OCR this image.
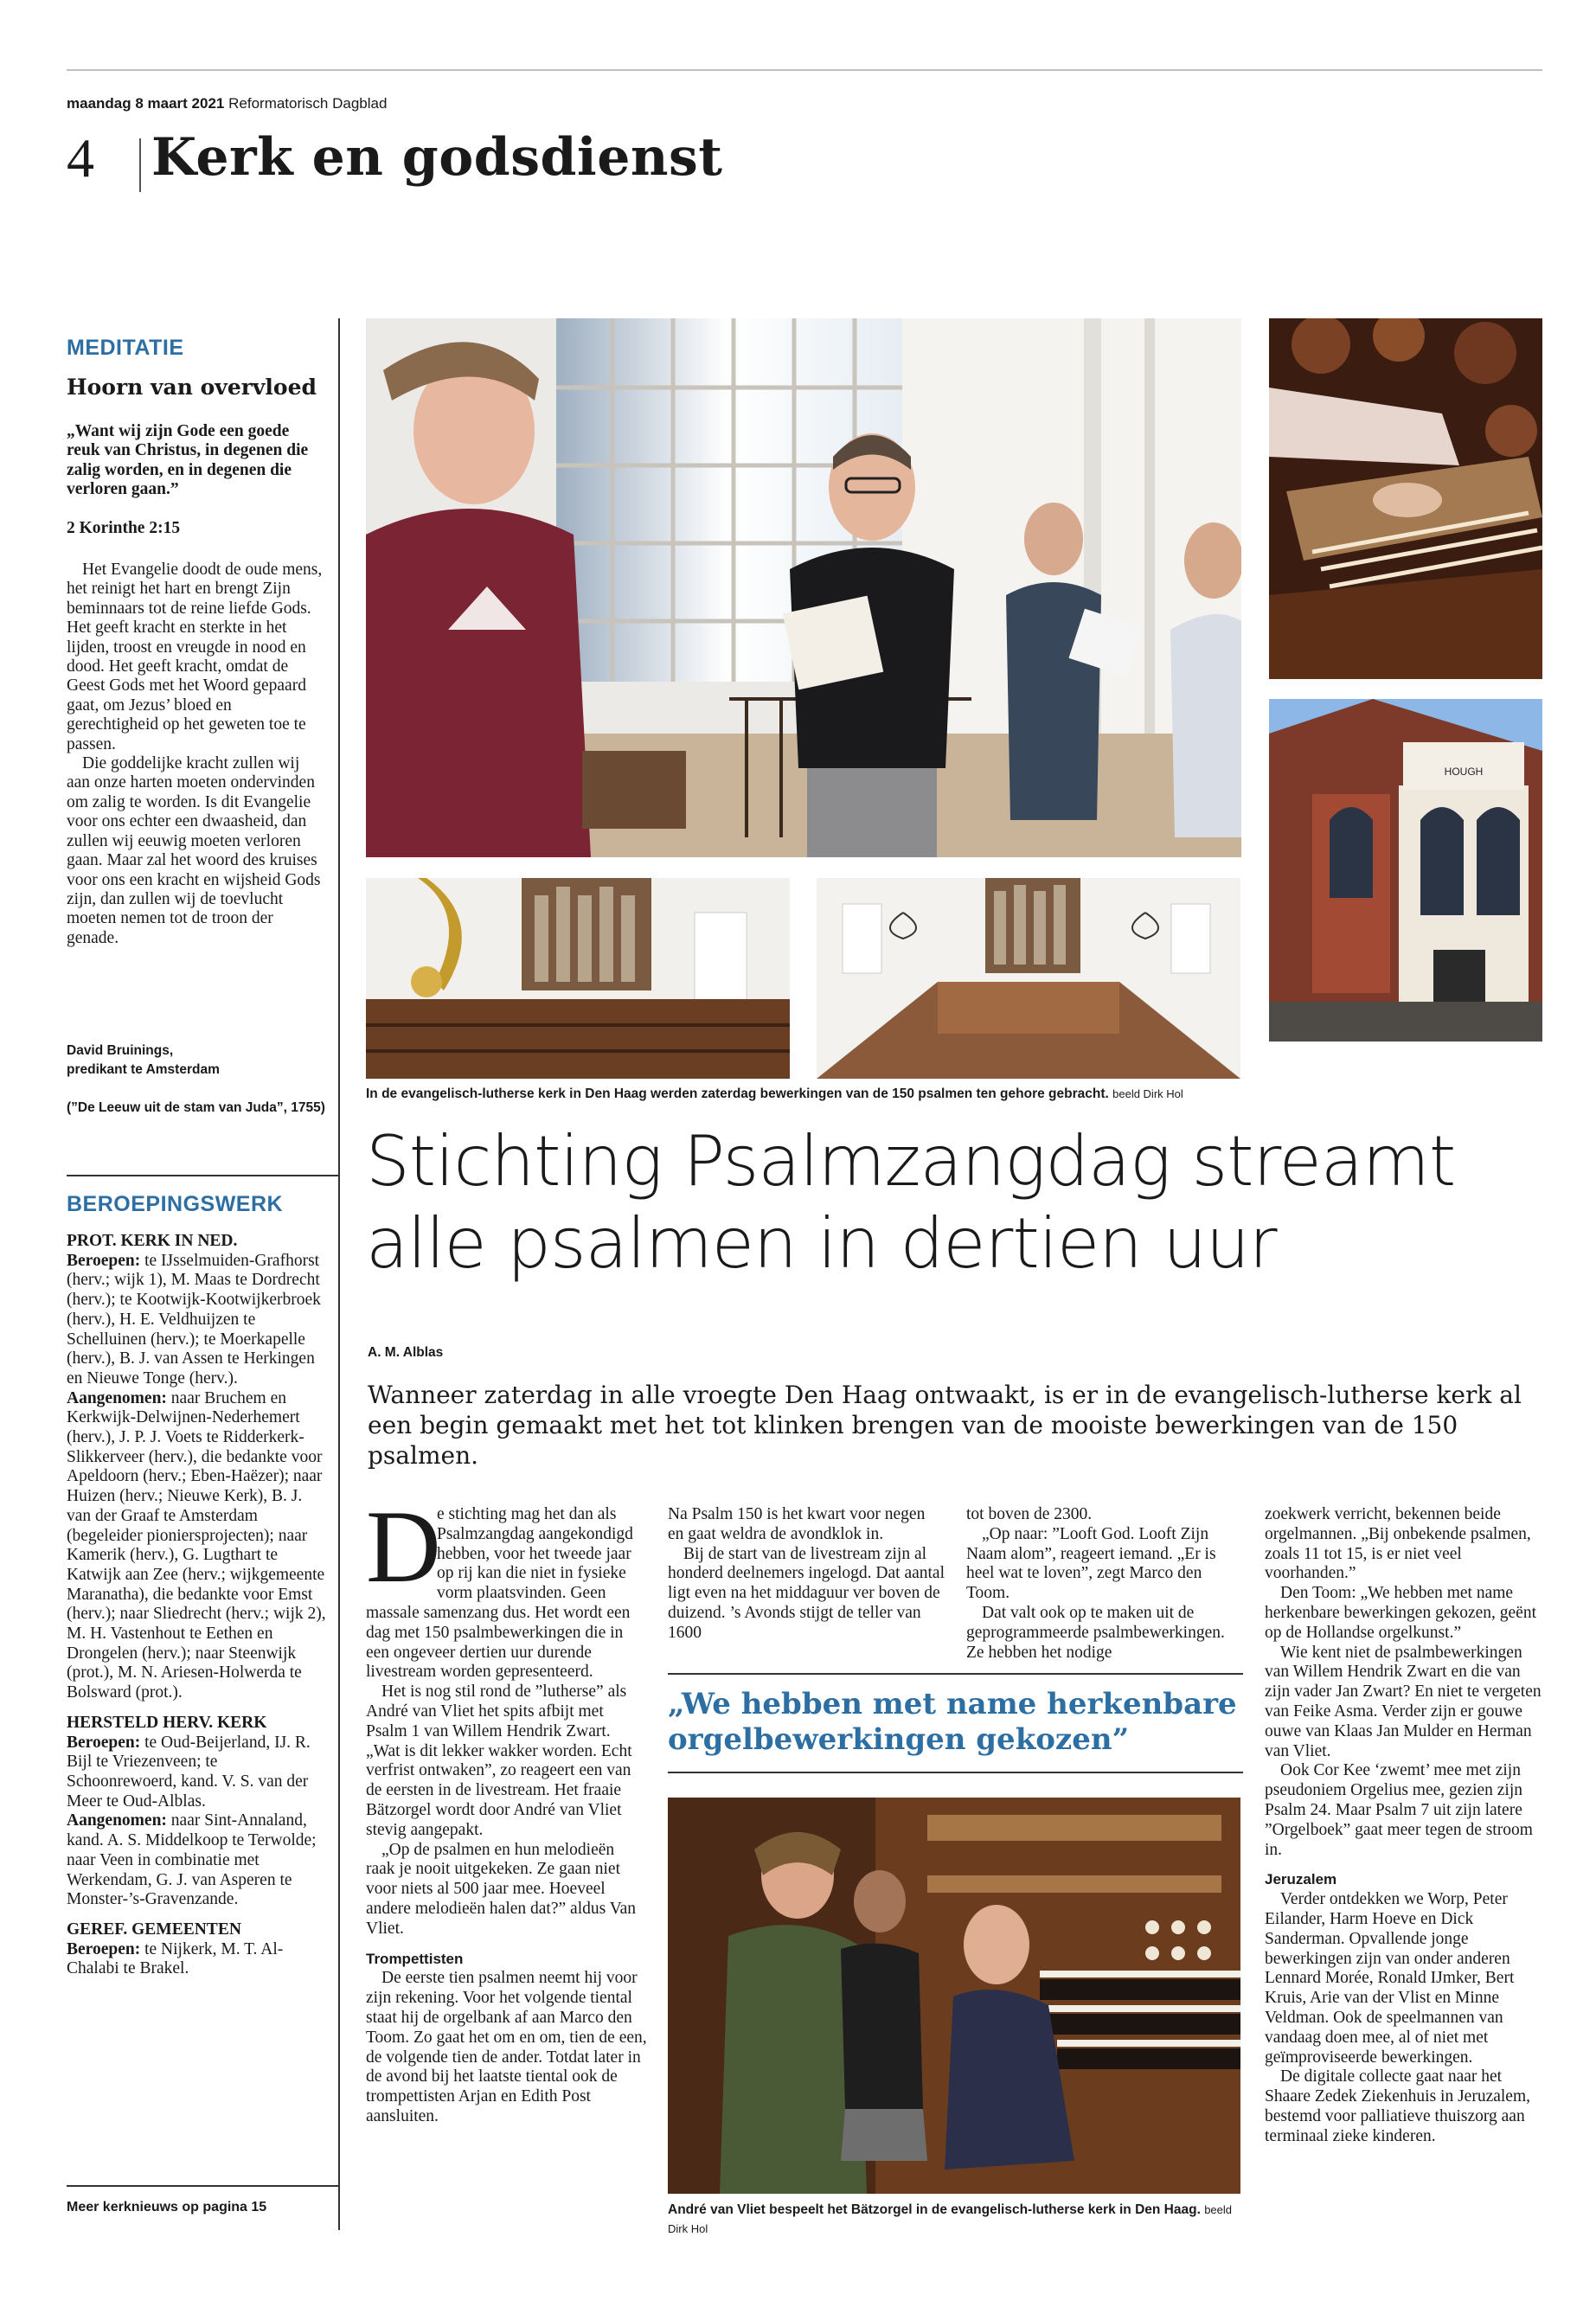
maandag 8 maart 2021 Reformatorisch Dagblad
4 Kerk en godsdienst
MEDITATIE
Hoorn van overvloed
„Want wij zijn Gode een goede reuk van Christus, in degenen die zalig worden, en in degenen die verloren gaan.”
2 Korinthe 2:15

Het Evangelie doodt de oude mens, het reinigt het hart en brengt Zijn beminnaars tot de reine liefde Gods. Het geeft kracht en sterkte in het lijden, troost en vreugde in nood en dood. Het geeft kracht, omdat de Geest Gods met het Woord gepaard gaat, om Jezus’ bloed en gerechtigheid op het geweten toe te passen.

Die goddelijke kracht zullen wij aan onze harten moeten ondervinden om zalig te worden. Is dit Evangelie voor ons echter een dwaasheid, dan zullen wij eeuwig moeten verloren gaan. Maar zal het woord des kruises voor ons een kracht en wijsheid Gods zijn, dan zullen wij de toevlucht moeten nemen tot de troon der genade.

David Bruinings,
predikant te Amsterdam
(”De Leeuw uit de stam van Juda”, 1755)
BEROEPINGSWERK
PROT. KERK IN NED.
Beroepen: te IJsselmuiden-Grafhorst (herv.; wijk 1), M. Maas te Dordrecht (herv.); te Kootwijk-Kootwijkerbroek (herv.), H. E. Veldhuijzen te Schelluinen (herv.); te Moerkapelle (herv.), B. J. van Assen te Herkingen en Nieuwe Tonge (herv.).
Aangenomen: naar Bruchem en Kerkwijk-Delwijnen-Nederhemert (herv.), J. P. J. Voets te Ridderkerk-Slikkerveer (herv.), die bedankte voor Apeldoorn (herv.; Eben-Haëzer); naar Huizen (herv.; Nieuwe Kerk), B. J. van der Graaf te Amsterdam (begeleider pioniersprojecten); naar Kamerik (herv.), G. Lugthart te Katwijk aan Zee (herv.; wijkgemeente Maranatha), die bedankte voor Emst (herv.); naar Sliedrecht (herv.; wijk 2), M. H. Vastenhout te Eethen en Drongelen (herv.); naar Steenwijk (prot.), M. N. Ariesen-Holwerda te Bolsward (prot.).
HERSTELD HERV. KERK
Beroepen: te Oud-Beijerland, IJ. R. Bijl te Vriezenveen; te Schoonrewoerd, kand. V. S. van der Meer te Oud-Alblas.
Aangenomen: naar Sint-Annaland, kand. A. S. Middelkoop te Terwolde; naar Veen in combinatie met Werkendam, G. J. van Asperen te Monster-’s-Gravenzande.
GEREF. GEMEENTEN
Beroepen: te Nijkerk, M. T. Al-Chalabi te Brakel.
Meer kerknieuws op pagina 15
HOUGH
In de evangelisch-lutherse kerk in Den Haag werden zaterdag bewerkingen van de 150 psalmen ten gehore gebracht. beeld Dirk Hol
Stichting Psalmzangdag streamt
alle psalmen in dertien uur
A. M. Alblas
Wanneer zaterdag in alle vroegte Den Haag ontwaakt, is er in de evangelisch-lutherse kerk al een begin gemaakt met het tot klinken brengen van de mooiste bewerkingen van de 150 psalmen.
D

e stichting mag het dan als Psalmzangdag aangekondigd hebben, voor het tweede jaar op rij kan die niet in fysieke vorm plaatsvinden. Geen massale samenzang dus. Het wordt een dag met 150 psalmbewerkingen die in een ongeveer dertien uur durende livestream worden gepresenteerd.

Het is nog stil rond de ”lutherse” als André van Vliet het spits afbijt met Psalm 1 van Willem Hendrik Zwart. „Wat is dit lekker wakker worden. Echt verfrist ontwaken”, zo reageert een van de eersten in de livestream. Het fraaie Bätzorgel wordt door André van Vliet stevig aangepakt.

„Op de psalmen en hun melodieën raak je nooit uitgekeken. Ze gaan niet voor niets al 500 jaar mee. Hoeveel andere melodieën halen dat?” aldus Van Vliet.

Trompettisten

De eerste tien psalmen neemt hij voor zijn rekening. Voor het volgende tiental staat hij de orgelbank af aan Marco den Toom. Zo gaat het om en om, tien de een, de volgende tien de ander. Totdat later in de avond bij het laatste tiental ook de trompettisten Arjan en Edith Post aansluiten.

Na Psalm 150 is het kwart voor negen en gaat weldra de avondklok in.

Bij de start van de livestream zijn al honderd deelnemers ingelogd. Dat aantal ligt even na het middaguur ver boven de duizend. ’s Avonds stijgt de teller van 1600

tot boven de 2300.

„Op naar: ”Looft God. Looft Zijn Naam alom”, reageert iemand. „Er is heel wat te loven”, zegt Marco den Toom.

Dat valt ook op te maken uit de geprogrammeerde psalmbewerkingen. Ze hebben het nodige

„We hebben met name herkenbare orgelbewerkingen gekozen”
André van Vliet bespeelt het Bätzorgel in de evangelisch-lutherse kerk in Den Haag. beeld Dirk Hol

zoekwerk verricht, bekennen beide orgelmannen. „Bij onbekende psalmen, zoals 11 tot 15, is er niet veel voorhanden.”

Den Toom: „We hebben met name herkenbare bewerkingen gekozen, geënt op de Hollandse orgelkunst.”

Wie kent niet de psalmbewerkingen van Willem Hendrik Zwart en die van zijn vader Jan Zwart? En niet te vergeten van Feike Asma. Verder zijn er gouwe ouwe van Klaas Jan Mulder en Herman van Vliet.

Ook Cor Kee ‘zwemt’ mee met zijn pseudoniem Orgelius mee, gezien zijn Psalm 24. Maar Psalm 7 uit zijn latere ”Orgelboek” gaat meer tegen de stroom in.

Jeruzalem

Verder ontdekken we Worp, Peter Eilander, Harm Hoeve en Dick Sanderman. Opvallende jonge bewerkingen zijn van onder anderen Lennard Morée, Ronald IJmker, Bert Kruis, Arie van der Vlist en Minne Veldman. Ook de speelmannen van vandaag doen mee, al of niet met geïmproviseerde bewerkingen.

De digitale collecte gaat naar het Shaare Zedek Ziekenhuis in Jeruzalem, bestemd voor palliatieve thuiszorg aan terminaal zieke kinderen.
